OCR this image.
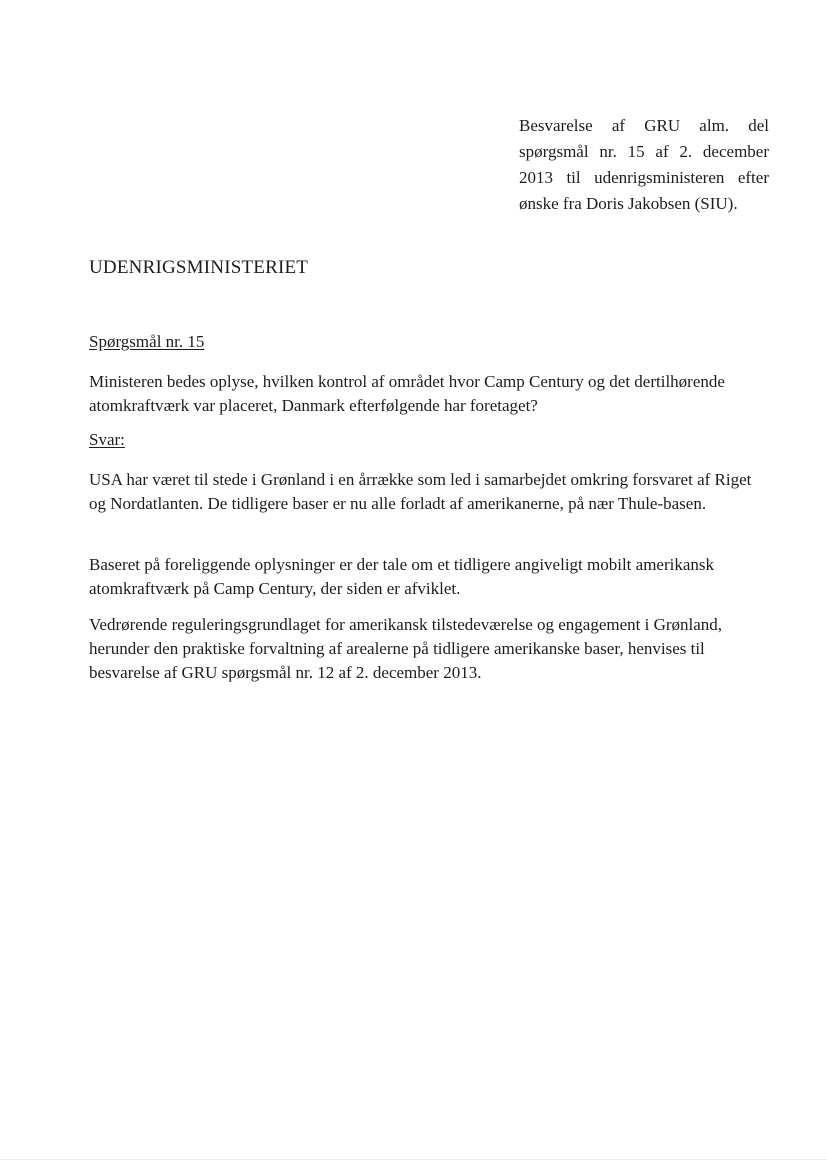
Besvarelse af GRU alm. del spørgsmål nr. 15 af 2. december 2013 til udenrigsministeren efter ønske fra Doris Jakobsen (SIU).
UDENRIGSMINISTERIET
Spørgsmål nr. 15

Ministeren bedes oplyse, hvilken kontrol af området hvor Camp Century og det dertilhørende atomkraftværk var placeret, Danmark efterfølgende har foretaget?

Svar:

USA har været til stede i Grønland i en årrække som led i samarbejdet omkring forsvaret af Riget og Nordatlanten. De tidligere baser er nu alle forladt af amerikanerne, på nær Thule-basen.

Baseret på foreliggende oplysninger er der tale om et tidligere angiveligt mobilt amerikansk atomkraftværk på Camp Century, der siden er afviklet.

Vedrørende reguleringsgrundlaget for amerikansk tilstedeværelse og engagement i Grønland, herunder den praktiske forvaltning af arealerne på tidligere amerikanske baser, henvises til besvarelse af GRU spørgsmål nr. 12 af 2. december 2013.
